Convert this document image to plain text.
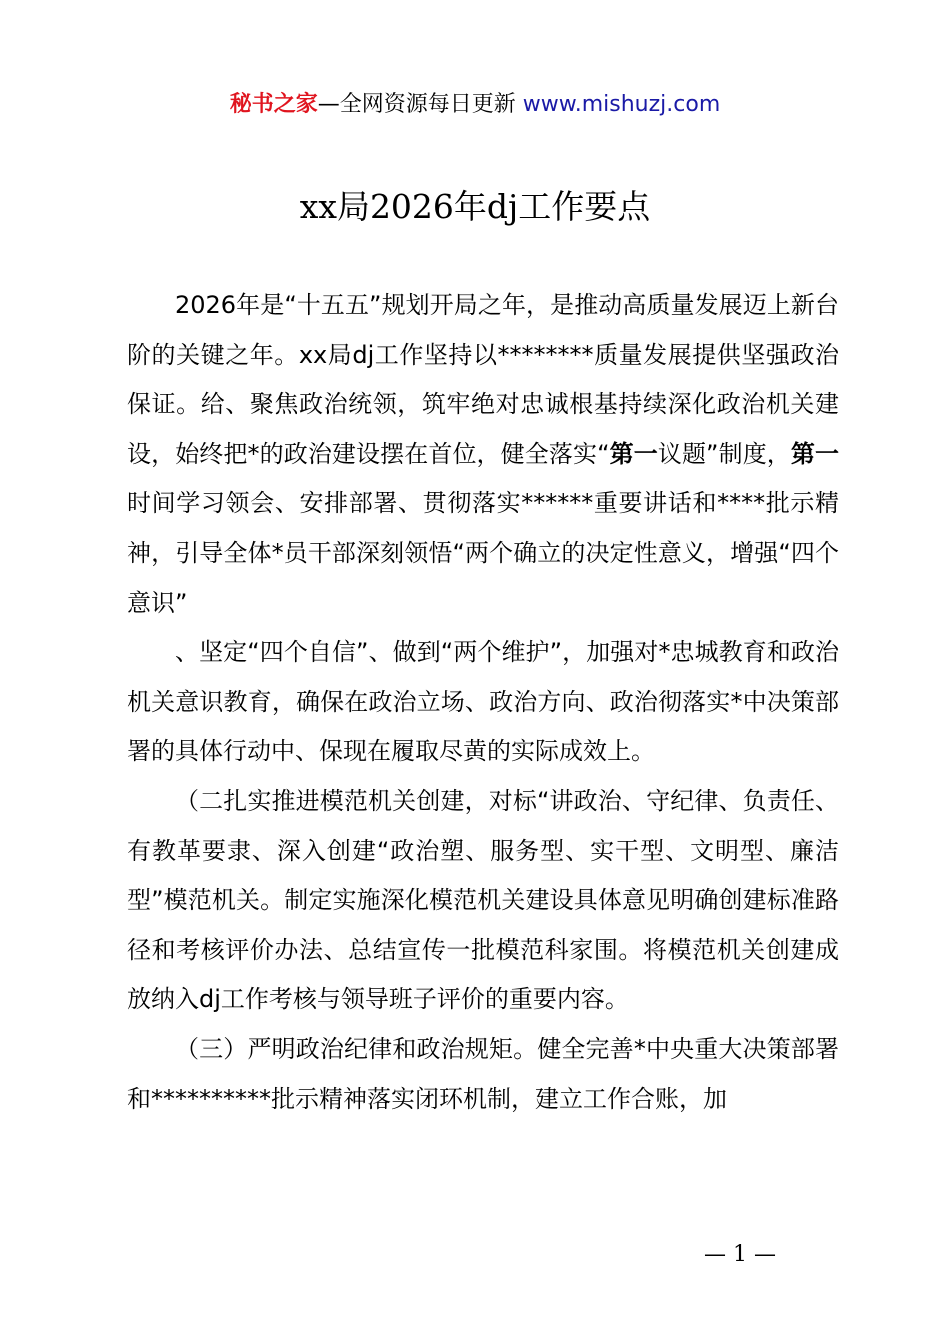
秘书之家—全网资源每日更新 www.mishuzj.com
xx局2026年dj工作要点

2026年是“十五五”规划开局之年，是推动高质量发展迈上新台阶的关键之年。xx局dj工作坚持以********质量发展提供坚强政治保证。给、聚焦政治统领，筑牢绝对忠诚根基持续深化政治机关建设，始终把*的政治建设摆在首位，健全落实“第一议题”制度，第一时间学习领会、安排部署、贯彻落实******重要讲话和****批示精神，引导全体*员干部深刻领悟“两个确立的决定性意义，增强“四个意识”

、坚定“四个自信”、做到“两个维护”，加强对*忠城教育和政治机关意识教育，确保在政治立场、政治方向、政治彻落实*中决策部署的具体行动中、保现在履取尽黄的实际成效上。

（二扎实推进模范机关创建，对标“讲政治、守纪律、负责任、有教革要隶、深入创建“政治塑、服务型、实干型、文明型、廉洁型”模范机关。制定实施深化模范机关建设具体意见明确创建标准路径和考核评价办法、总结宣传一批模范科家围。将模范机关创建成放纳入dj工作考核与领导班子评价的重要内容。

（三）严明政治纪律和政治规矩。健全完善*中央重大决策部署和**********批示精神落实闭环机制，建立工作合账，加

— 1 —
